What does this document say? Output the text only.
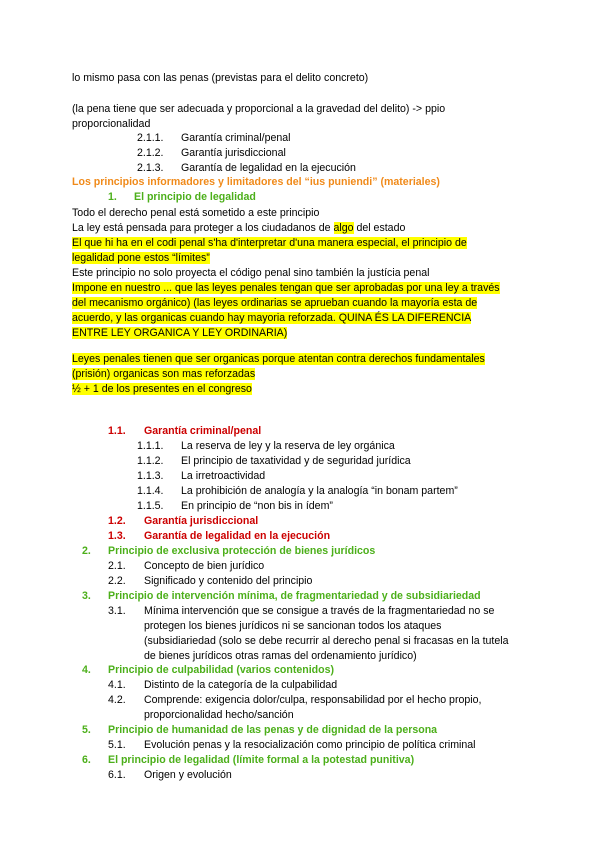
lo mismo pasa con las penas (previstas para el delito concreto)
(la pena tiene que ser adecuada y proporcional a la gravedad del delito) -> ppio
proporcionalidad
2.1.1. Garantía criminal/penal
2.1.2. Garantía jurisdiccional
2.1.3. Garantía de legalidad en la ejecución
Los principios informadores y limitadores del “ius puniendi” (materiales)
1. El principio de legalidad
Todo el derecho penal está sometido a este principio
La ley está pensada para proteger a los ciudadanos de algo del estado
El que hi ha en el codi penal s'ha d'interpretar d'una manera especial, el principio de
legalidad pone estos “límites”
Este principio no solo proyecta el código penal sino también la justícia penal
Impone en nuestro ... que las leyes penales tengan que ser aprobadas por una ley a través
del mecanismo orgánico) (las leyes ordinarias se aprueban cuando la mayoría esta de
acuerdo, y las organicas cuando hay mayoria reforzada. QUINA ÉS LA DIFERENCIA
ENTRE LEY ORGANICA Y LEY ORDINARIA)
Leyes penales tienen que ser organicas porque atentan contra derechos fundamentales
(prisión) organicas son mas reforzadas
½ + 1 de los presentes en el congreso
1.1. Garantía criminal/penal
1.1.1. La reserva de ley y la reserva de ley orgánica
1.1.2. El principio de taxatividad y de seguridad jurídica
1.1.3. La irretroactividad
1.1.4. La prohibición de analogía y la analogía “in bonam partem”
1.1.5. En principio de “non bis in ídem”
1.2. Garantía jurisdiccional
1.3. Garantía de legalidad en la ejecución
2. Principio de exclusiva protección de bienes jurídicos
2.1. Concepto de bien jurídico
2.2. Significado y contenido del principio
3. Principio de intervención mínima, de fragmentariedad y de subsidiariedad
3.1. Mínima intervención que se consigue a través de la fragmentariedad no se
protegen los bienes jurídicos ni se sancionan todos los ataques
(subsidiariedad (solo se debe recurrir al derecho penal si fracasas en la tutela
de bienes jurídicos otras ramas del ordenamiento jurídico)
4. Principio de culpabilidad (varios contenidos)
4.1. Distinto de la categoría de la culpabilidad
4.2. Comprende: exigencia dolor/culpa, responsabilidad por el hecho propio,
proporcionalidad hecho/sanción
5. Principio de humanidad de las penas y de dignidad de la persona
5.1. Evolución penas y la resocialización como principio de política criminal
6. El principio de legalidad (límite formal a la potestad punitiva)
6.1. Origen y evolución
